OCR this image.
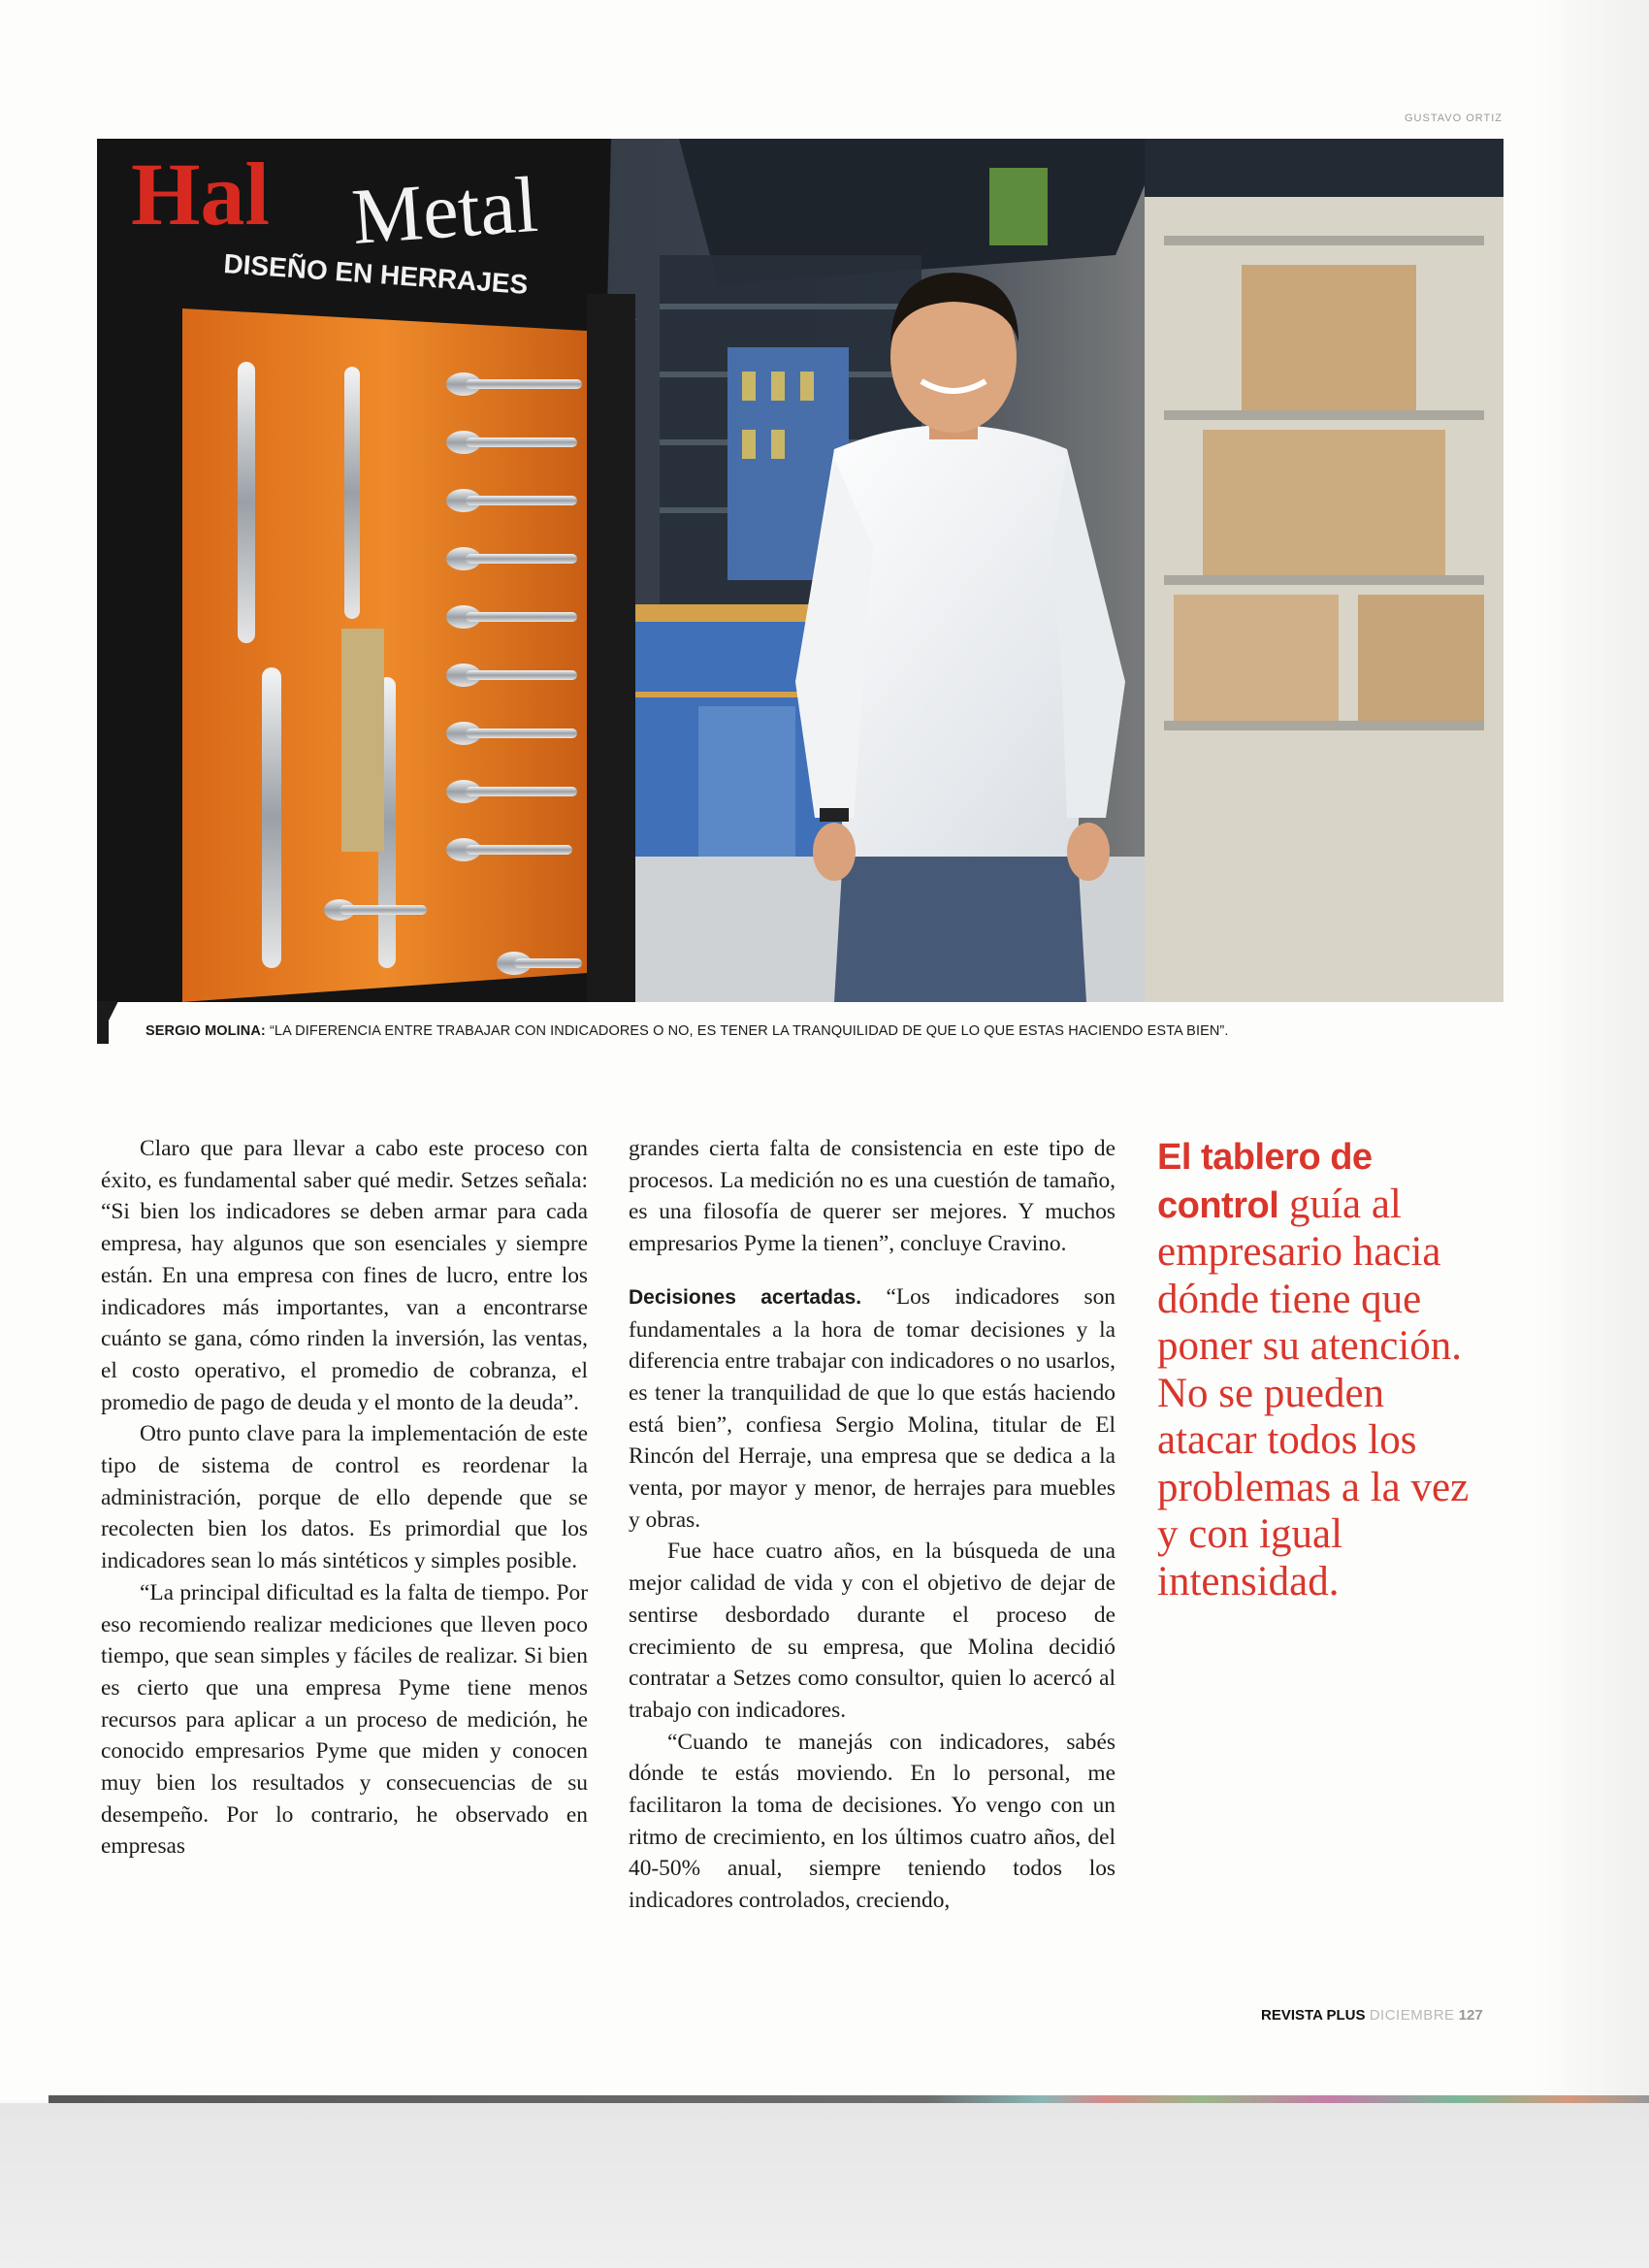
GUSTAVO ORTIZ
Hal Metal
DISEÑO EN HERRAJES
SERGIO MOLINA: “LA DIFERENCIA ENTRE TRABAJAR CON INDICADORES O NO, ES TENER LA TRANQUILIDAD DE QUE LO QUE ESTAS HACIENDO ESTA BIEN”.

Claro que para llevar a cabo este proceso con éxito, es fundamental saber qué medir. Setzes señala: “Si bien los indicadores se deben armar para cada empresa, hay algunos que son esenciales y siempre están. En una empresa con fines de lucro, entre los indicadores más importantes, van a encontrarse cuánto se gana, cómo rinden la inversión, las ventas, el costo operativo, el promedio de cobranza, el promedio de pago de deuda y el monto de la deuda”.

Otro punto clave para la implementación de este tipo de sistema de control es reordenar la administración, porque de ello depende que se recolecten bien los datos. Es primordial que los indicadores sean lo más sintéticos y simples posible.

“La principal dificultad es la falta de tiempo. Por eso recomiendo realizar mediciones que lleven poco tiempo, que sean simples y fáciles de realizar. Si bien es cierto que una empresa Pyme tiene menos recursos para aplicar a un proceso de medición, he conocido empresarios Pyme que miden y conocen muy bien los resultados y consecuencias de su desempeño. Por lo contrario, he observado en empresas

grandes cierta falta de consistencia en este tipo de procesos. La medición no es una cuestión de tamaño, es una filosofía de querer ser mejores. Y muchos empresarios Pyme la tienen”, concluye Cravino.

Decisiones acertadas. “Los indicadores son fundamentales a la hora de tomar decisiones y la diferencia entre trabajar con indicadores o no usarlos, es tener la tranquilidad de que lo que estás haciendo está bien”, confiesa Sergio Molina, titular de El Rincón del Herraje, una empresa que se dedica a la venta, por mayor y menor, de herrajes para muebles y obras.

Fue hace cuatro años, en la búsqueda de una mejor calidad de vida y con el objetivo de dejar de sentirse desbordado durante el proceso de crecimiento de su empresa, que Molina decidió contratar a Setzes como consultor, quien lo acercó al trabajo con indicadores.

“Cuando te manejás con indicadores, sabés dónde te estás moviendo. En lo personal, me facilitaron la toma de decisiones. Yo vengo con un ritmo de crecimiento, en los últimos cuatro años, del 40-50% anual, siempre teniendo todos los indicadores controlados, creciendo,

El tablero de control guía al empresario hacia dónde tiene que poner su atención. No se pueden atacar todos los problemas a la vez y con igual intensidad.
REVISTA PLUS DICIEMBRE 127
